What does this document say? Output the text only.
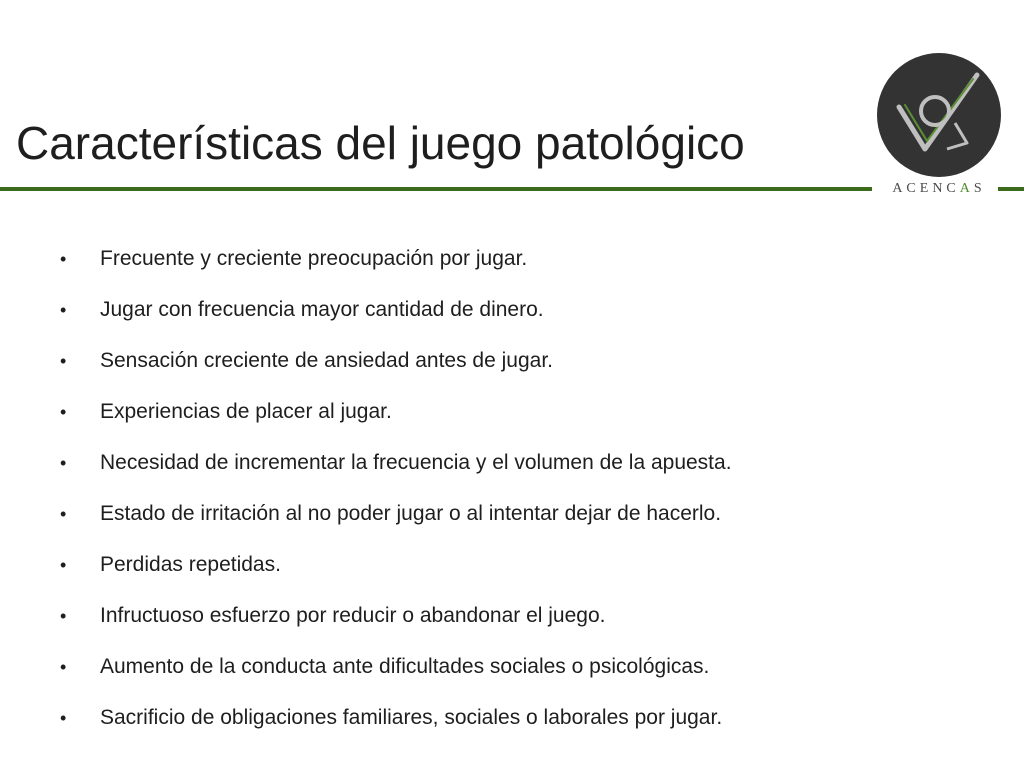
Características del juego patológico
ACENCAS
• Frecuente y creciente preocupación por jugar.
• Jugar con frecuencia mayor cantidad de dinero.
• Sensación creciente de ansiedad antes de jugar.
• Experiencias de placer al jugar.
• Necesidad de incrementar la frecuencia y el volumen de la apuesta.
• Estado de irritación al no poder jugar o al intentar dejar de hacerlo.
• Perdidas repetidas.
• Infructuoso esfuerzo por reducir o abandonar el juego.
• Aumento de la conducta ante dificultades sociales o psicológicas.
• Sacrificio de obligaciones familiares, sociales o laborales por jugar.
